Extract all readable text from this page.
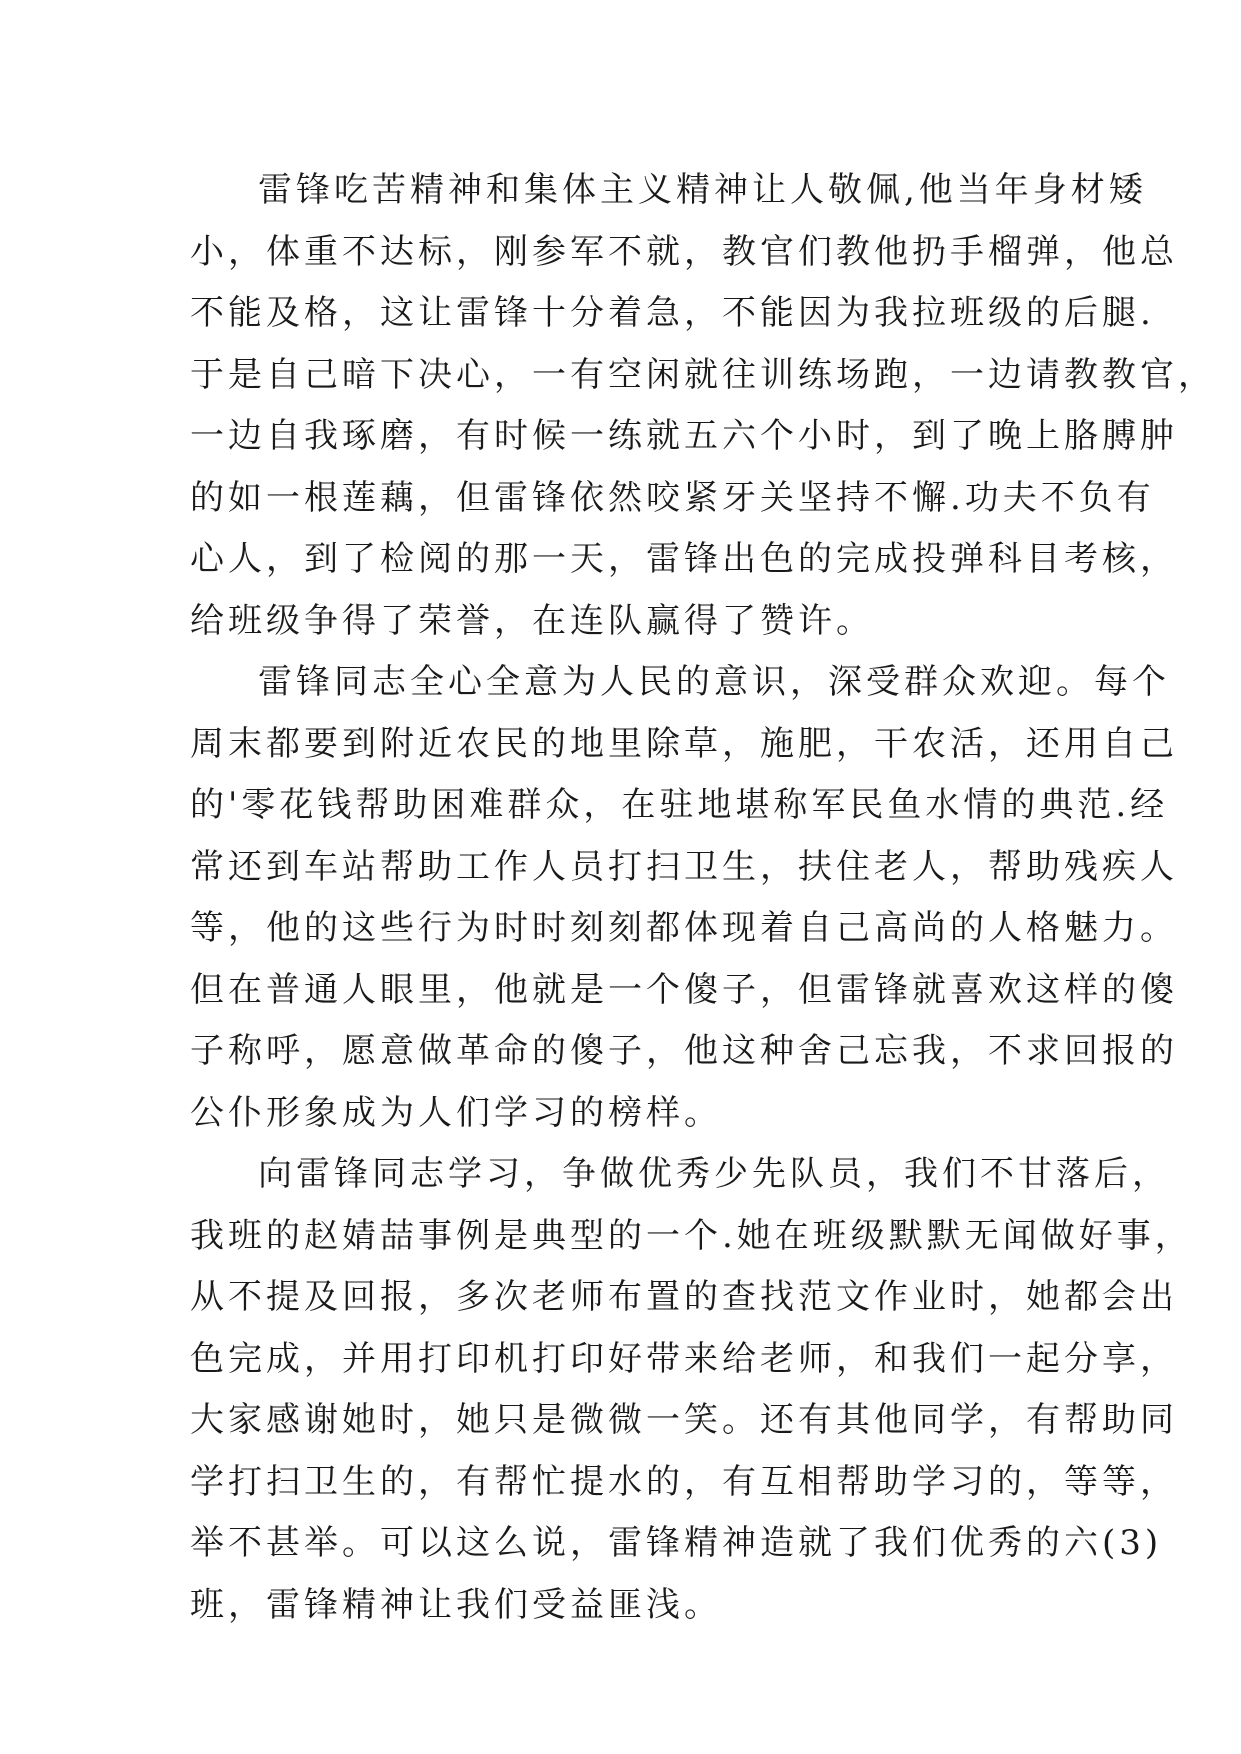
雷锋吃苦精神和集体主义精神让人敬佩,他当年身材矮
小，体重不达标，刚参军不就，教官们教他扔手榴弹，他总
不能及格，这让雷锋十分着急，不能因为我拉班级的后腿.
于是自己暗下决心，一有空闲就往训练场跑，一边请教教官，
一边自我琢磨，有时候一练就五六个小时，到了晚上胳膊肿
的如一根莲藕，但雷锋依然咬紧牙关坚持不懈.功夫不负有
心人，到了检阅的那一天，雷锋出色的完成投弹科目考核，
给班级争得了荣誉，在连队赢得了赞许。
雷锋同志全心全意为人民的意识，深受群众欢迎。每个
周末都要到附近农民的地里除草，施肥，干农活，还用自己
的'零花钱帮助困难群众，在驻地堪称军民鱼水情的典范.经
常还到车站帮助工作人员打扫卫生，扶住老人，帮助残疾人
等，他的这些行为时时刻刻都体现着自己高尚的人格魅力。
但在普通人眼里，他就是一个傻子，但雷锋就喜欢这样的傻
子称呼，愿意做革命的傻子，他这种舍己忘我，不求回报的
公仆形象成为人们学习的榜样。
向雷锋同志学习，争做优秀少先队员，我们不甘落后，
我班的赵婧喆事例是典型的一个.她在班级默默无闻做好事，
从不提及回报，多次老师布置的查找范文作业时，她都会出
色完成，并用打印机打印好带来给老师，和我们一起分享，
大家感谢她时，她只是微微一笑。还有其他同学，有帮助同
学打扫卫生的，有帮忙提水的，有互相帮助学习的，等等，
举不甚举。可以这么说，雷锋精神造就了我们优秀的六(3)
班，雷锋精神让我们受益匪浅。
